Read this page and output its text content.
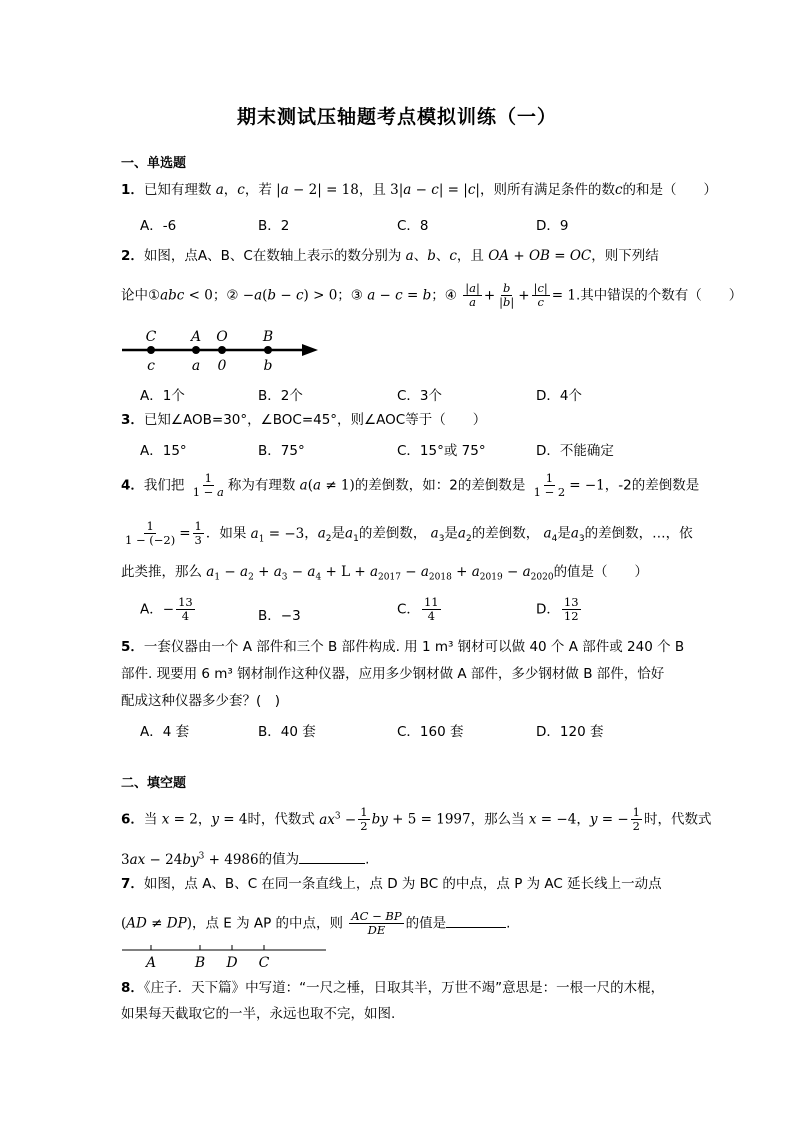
期末测试压轴题考点模拟训练（一）
一、单选题
1．已知有理数 a，c，若 |a − 2| = 18，且 3|a − c| = |c|，则所有满足条件的数c的和是（　　）
A．-6	B．2	C．8	D．9
2．如图，点A、B、C在数轴上表示的数分别为 a、b、c，且 OA + OB = OC，则下列结
论中①abc < 0；② −a(b − c) > 0；③ a − c = b；④ $\frac{|a|}{a} + \frac{b}{|b|} + \frac{|c|}{c} = 1$.其中错误的个数有（　　）
C
c
A
a
O
0
B
b
A．1个	B．2个	C．3个	D．4个
3．已知∠AOB=30°，∠BOC=45°，则∠AOC等于（　　）
A．15°	B．75°	C．15°或 75°	D．不能确定
4．我们把 $\frac{1}{1 - a}$ 称为有理数 a(a ≠ 1)的差倒数，如：2的差倒数是 $\frac{1}{1 - 2} = -1$，-2的差倒数是
$\frac{1}{1 - (-2)} = \frac{1}{3}$ ．如果 $a_1 = -3$，$a_2$是$a_1$的差倒数， $a_3$是$a_2$的差倒数， $a_4$是$a_3$的差倒数，…，依
此类推，那么 $a_1 - a_2 + a_3 - a_4 + L + a_{2017} - a_{2018} + a_{2019} - a_{2020}$的值是（　　）
A．− $\frac{13}{4}$	B．−3	C． $\frac{11}{4}$	D． $\frac{13}{12}$
5．一套仪器由一个 A 部件和三个 B 部件构成. 用 1 m³ 钢材可以做 40 个 A 部件或 240 个 B
部件. 现要用 6 m³ 钢材制作这种仪器，应用多少钢材做 A 部件，多少钢材做 B 部件，恰好
配成这种仪器多少套？(　)
A．4 套	B．40 套	C．160 套	D．120 套
二、填空题
6．当 x = 2，y = 4时，代数式 $ax^3 - \frac{1}{2}$ by + 5 = 1997，那么当 x = −4，y = − $\frac{1}{2}$ 时，代数式
$3ax - 24by^3 + 4986$的值为	.
7．如图，点 A、B、C 在同一条直线上，点 D 为 BC 的中点，点 P 为 AC 延长线上一动点
(AD ≠ DP)，点 E 为 AP 的中点，则 $\frac{AC - BP}{DE}$ 的值是	.
A	B D C
8．《庄子．天下篇》中写道：“一尺之棰，日取其半，万世不竭”意思是：一根一尺的木棍，
如果每天截取它的一半，永远也取不完，如图.
